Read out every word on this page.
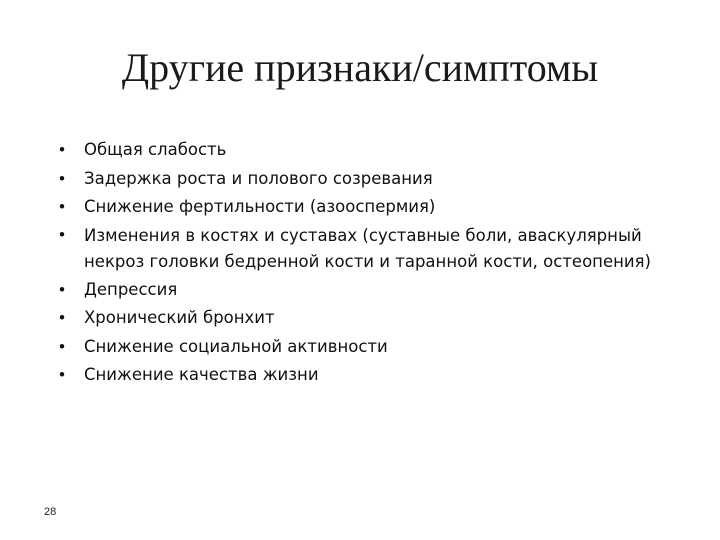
Другие признаки/симптомы
• Общая слабость
• Задержка роста и полового созревания
• Снижение фертильности (азооспермия)
• Изменения в костях и суставах (суставные боли, аваскулярный некроз головки бедренной кости и таранной кости, остеопения)
• Депрессия
• Хронический бронхит
• Снижение социальной активности
• Снижение качества жизни
28
